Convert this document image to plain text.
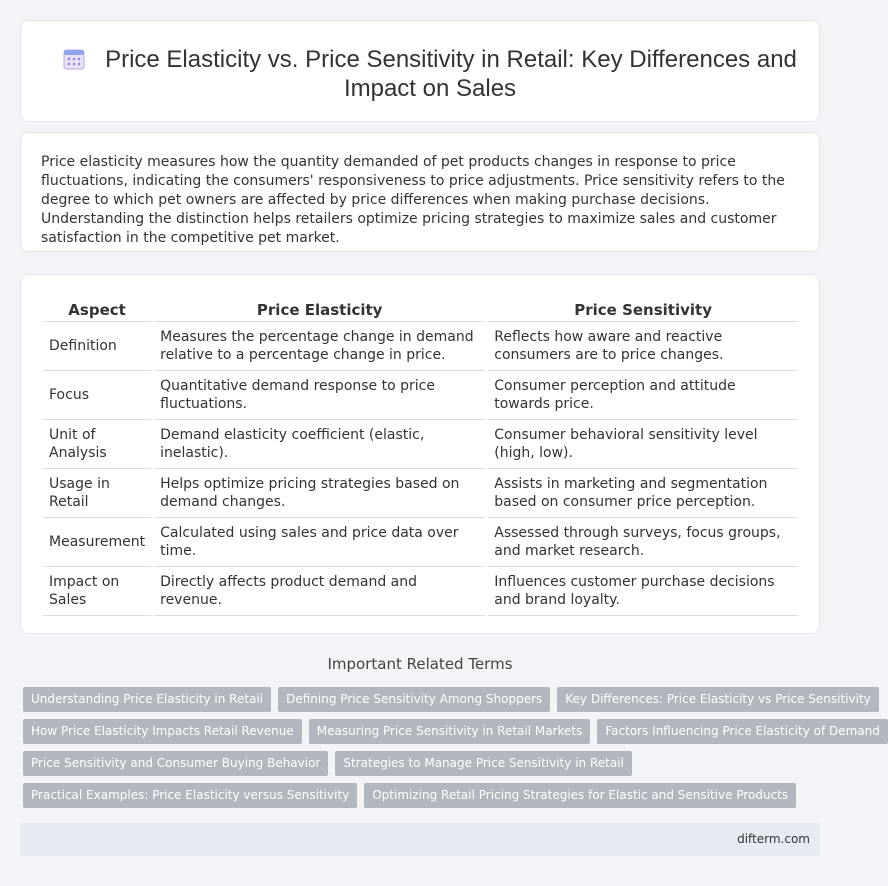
Price Elasticity vs. Price Sensitivity in Retail: Key Differences and Impact on Sales

Price elasticity measures how the quantity demanded of pet products changes in response to price fluctuations, indicating the consumers' responsiveness to price adjustments. Price sensitivity refers to the degree to which pet owners are affected by price differences when making purchase decisions. Understanding the distinction helps retailers optimize pricing strategies to maximize sales and customer satisfaction in the competitive pet market.

Aspect	Price Elasticity	Price Sensitivity
Definition	Measures the percentage change in demand relative to a percentage change in price.	Reflects how aware and reactive consumers are to price changes.
Focus	Quantitative demand response to price fluctuations.	Consumer perception and attitude towards price.
Unit of Analysis	Demand elasticity coefficient (elastic, inelastic).	Consumer behavioral sensitivity level (high, low).
Usage in Retail	Helps optimize pricing strategies based on demand changes.	Assists in marketing and segmentation based on consumer price perception.
Measurement	Calculated using sales and price data over time.	Assessed through surveys, focus groups, and market research.
Impact on Sales	Directly affects product demand and revenue.	Influences customer purchase decisions and brand loyalty.
Important Related Terms
Understanding Price Elasticity in Retail	Defining Price Sensitivity Among Shoppers	Key Differences: Price Elasticity vs Price Sensitivity
How Price Elasticity Impacts Retail Revenue	Measuring Price Sensitivity in Retail Markets	Factors Influencing Price Elasticity of Demand
Price Sensitivity and Consumer Buying Behavior	Strategies to Manage Price Sensitivity in Retail
Practical Examples: Price Elasticity versus Sensitivity	Optimizing Retail Pricing Strategies for Elastic and Sensitive Products
difterm.com
